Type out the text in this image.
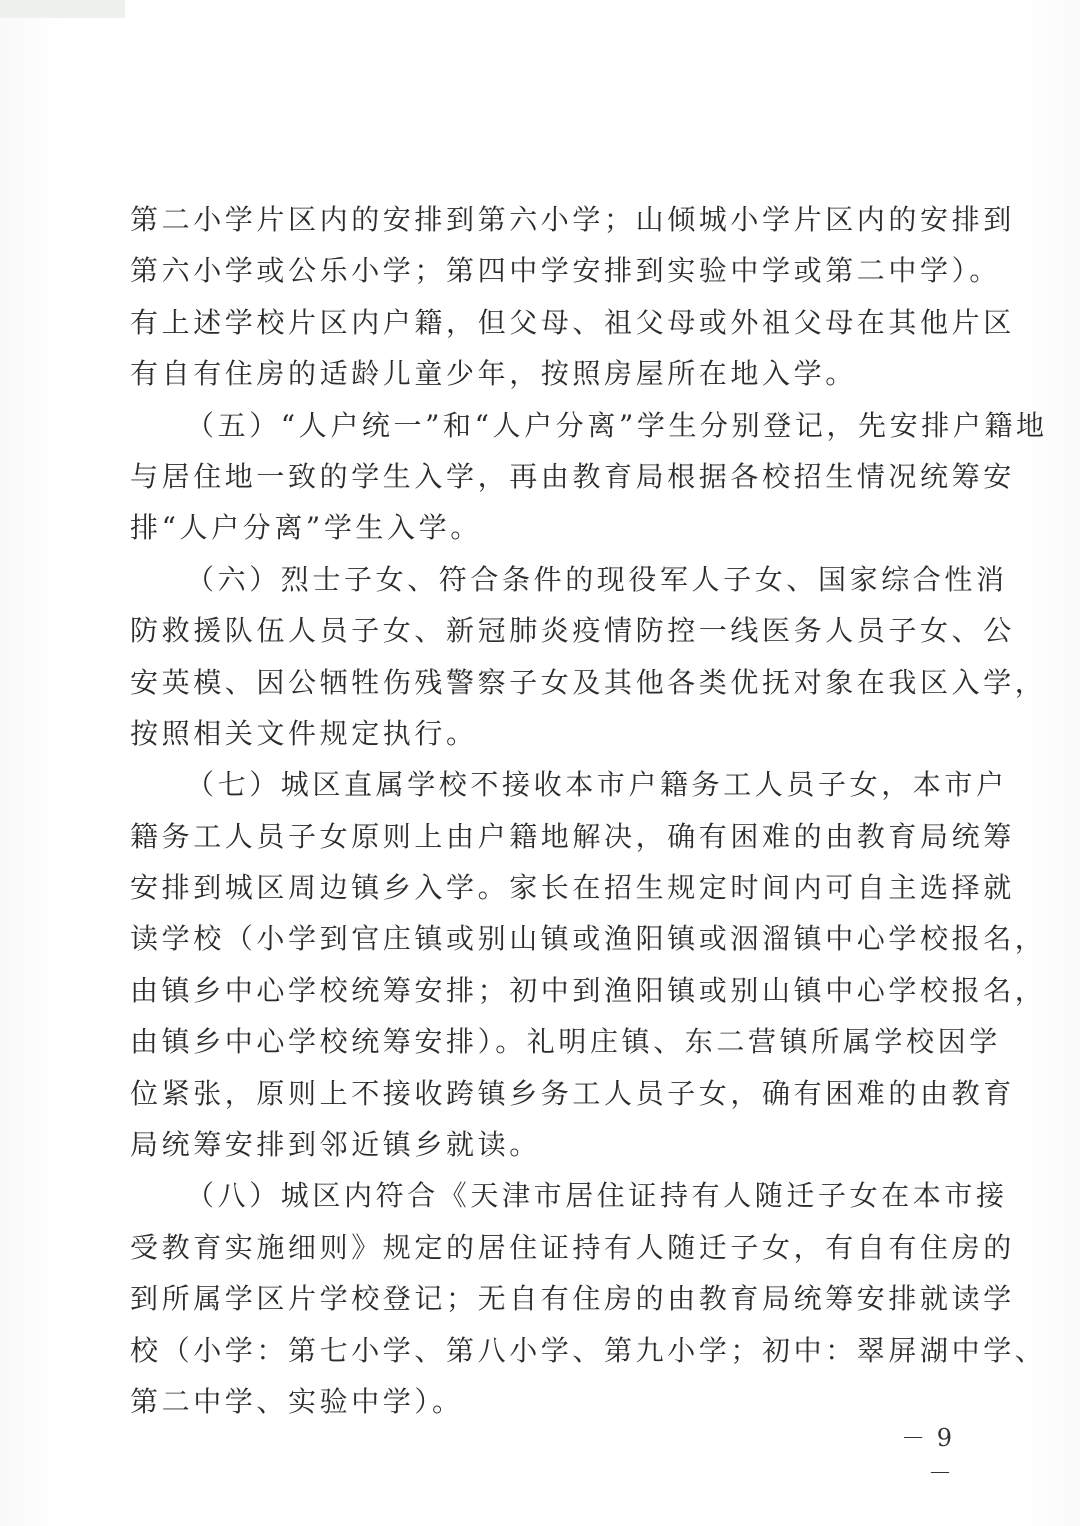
第二小学片区内的安排到第六小学；山倾城小学片区内的安排到
第六小学或公乐小学；第四中学安排到实验中学或第二中学）。
有上述学校片区内户籍，但父母、祖父母或外祖父母在其他片区
有自有住房的适龄儿童少年，按照房屋所在地入学。
（五）“人户统一”和“人户分离”学生分别登记，先安排户籍地
与居住地一致的学生入学，再由教育局根据各校招生情况统筹安
排“人户分离”学生入学。
（六）烈士子女、符合条件的现役军人子女、国家综合性消
防救援队伍人员子女、新冠肺炎疫情防控一线医务人员子女、公
安英模、因公牺牲伤残警察子女及其他各类优抚对象在我区入学，
按照相关文件规定执行。
（七）城区直属学校不接收本市户籍务工人员子女，本市户
籍务工人员子女原则上由户籍地解决，确有困难的由教育局统筹
安排到城区周边镇乡入学。家长在招生规定时间内可自主选择就
读学校（小学到官庄镇或别山镇或渔阳镇或洇溜镇中心学校报名，
由镇乡中心学校统筹安排；初中到渔阳镇或别山镇中心学校报名，
由镇乡中心学校统筹安排）。礼明庄镇、东二营镇所属学校因学
位紧张，原则上不接收跨镇乡务工人员子女，确有困难的由教育
局统筹安排到邻近镇乡就读。
（八）城区内符合《天津市居住证持有人随迁子女在本市接
受教育实施细则》规定的居住证持有人随迁子女，有自有住房的
到所属学区片学校登记；无自有住房的由教育局统筹安排就读学
校（小学：第七小学、第八小学、第九小学；初中：翠屏湖中学、
第二中学、实验中学）。
－ 9 －
